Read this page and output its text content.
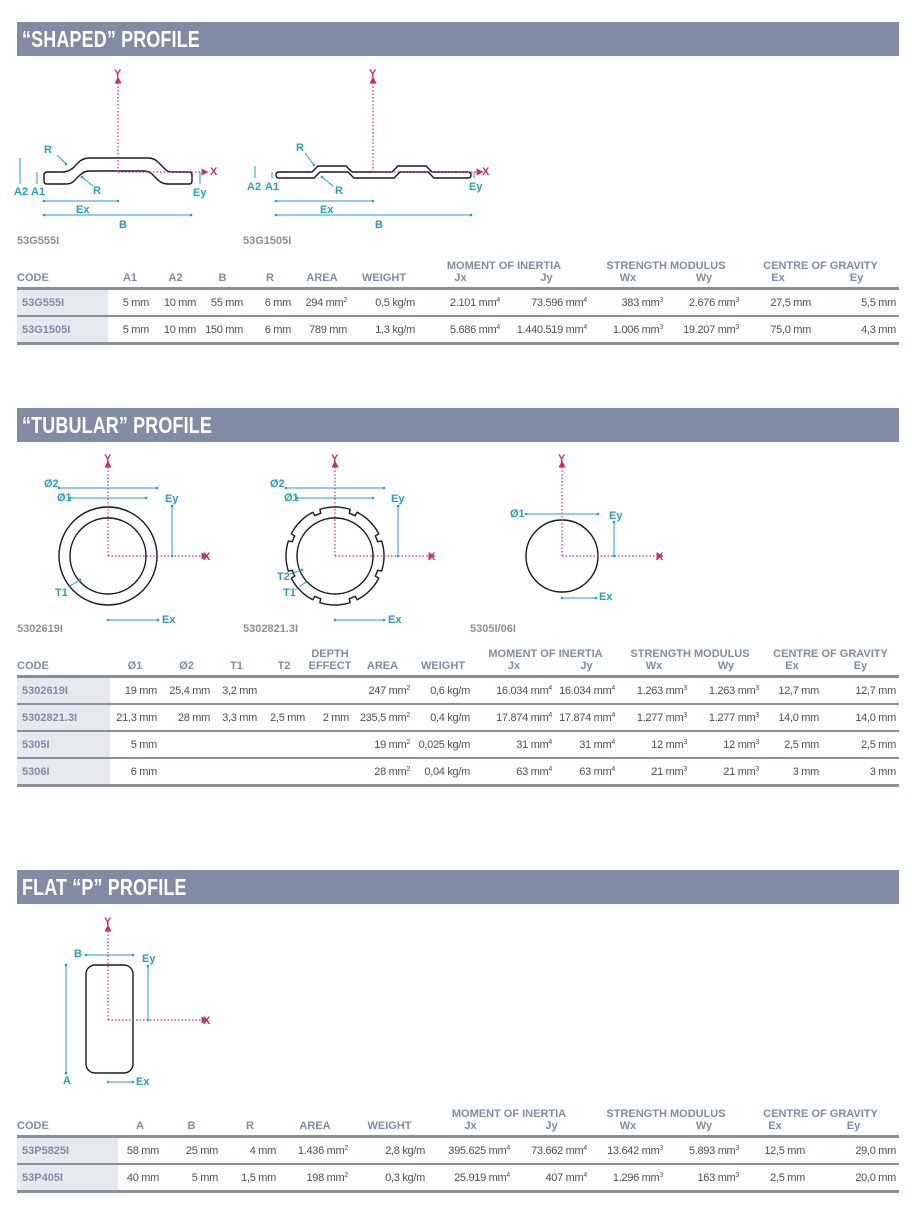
“SHAPED” PROFILE
“TUBULAR” PROFILE
FLAT “P” PROFILE
Y
X
R
R
A2 A1	Ey
Ex
B
53G555I
Y
X
R
R
A2 A1	Ey
Ex
B
53G1505I
Y
X
Ø2
Ø1	Ey
T1
Ex
5302619I
Y
X
Ø2
Ø1	Ey
T2
T1
Ex
5302821.3I
Y
X
Ø1	Ey
Ex
5305I/06I
Y
X
B	Ey
A	Ex
							MOMENT OF INERTIA		STRENGTH MODULUS		CENTRE OF GRAVITY	
CODE	A1	A2	B	R	AREA	WEIGHT	Jx	Jy	Wx	Wy	Ex	Ey
53G555I	5 mm	10 mm	55 mm	6 mm	294 $mm^2$	0,5 kg/m	2.101 $mm^4$	73.596 $mm^4$	383 $mm^3$	2.676 $mm^3$	27,5 mm	5,5 mm
53G1505I	5 mm	10 mm	150 mm	6 mm	789 mm	1,3 kg/m	5.686 $mm^4$	1.440.519 $mm^4$	1.006 $mm^3$	19.207 $mm^3$	75,0 mm	4,3 mm
					DEPTH			MOMENT OF INERTIA		STRENGTH MODULUS		CENTRE OF GRAVITY	
CODE	Ø1	Ø2	T1	T2	EFFECT	AREA	WEIGHT	Jx	Jy	Wx	Wy	Ex	Ey
5302619I	19 mm	25,4 mm	3,2 mm			247 $mm^2$	0,6 kg/m	16.034 $mm^4$	16.034 $mm^4$	1.263 $mm^3$	1.263 $mm^3$	12,7 mm	12,7 mm
5302821.3I	21,3 mm	28 mm	3,3 mm	2,5 mm	2 mm	235,5 $mm^2$	0,4 kg/m	17.874 $mm^4$	17.874 $mm^4$	1.277 $mm^3$	1.277 $mm^3$	14,0 mm	14,0 mm
5305I	5 mm					19 $mm^2$	0,025 kg/m	31 $mm^4$	31 $mm^4$	12 $mm^3$	12 $mm^3$	2,5 mm	2,5 mm
5306I	6 mm					28 $mm^2$	0,04 kg/m	63 $mm^4$	63 $mm^4$	21 $mm^3$	21 $mm^3$	3 mm	3 mm
						MOMENT OF INERTIA		STRENGTH MODULUS		CENTRE OF GRAVITY	
CODE	A	B	R	AREA	WEIGHT	Jx	Jy	Wx	Wy	Ex	Ey
53P5825I	58 mm	25 mm	4 mm	1.436 $mm^2$	2,8 kg/m	395.625 $mm^4$	73.662 $mm^4$	13.642 $mm^3$	5.893 $mm^3$	12,5 mm	29,0 mm
53P405I	40 mm	5 mm	1,5 mm	198 $mm^2$	0,3 kg/m	25.919 $mm^4$	407 $mm^4$	1.296 $mm^3$	163 $mm^3$	2,5 mm	20,0 mm
